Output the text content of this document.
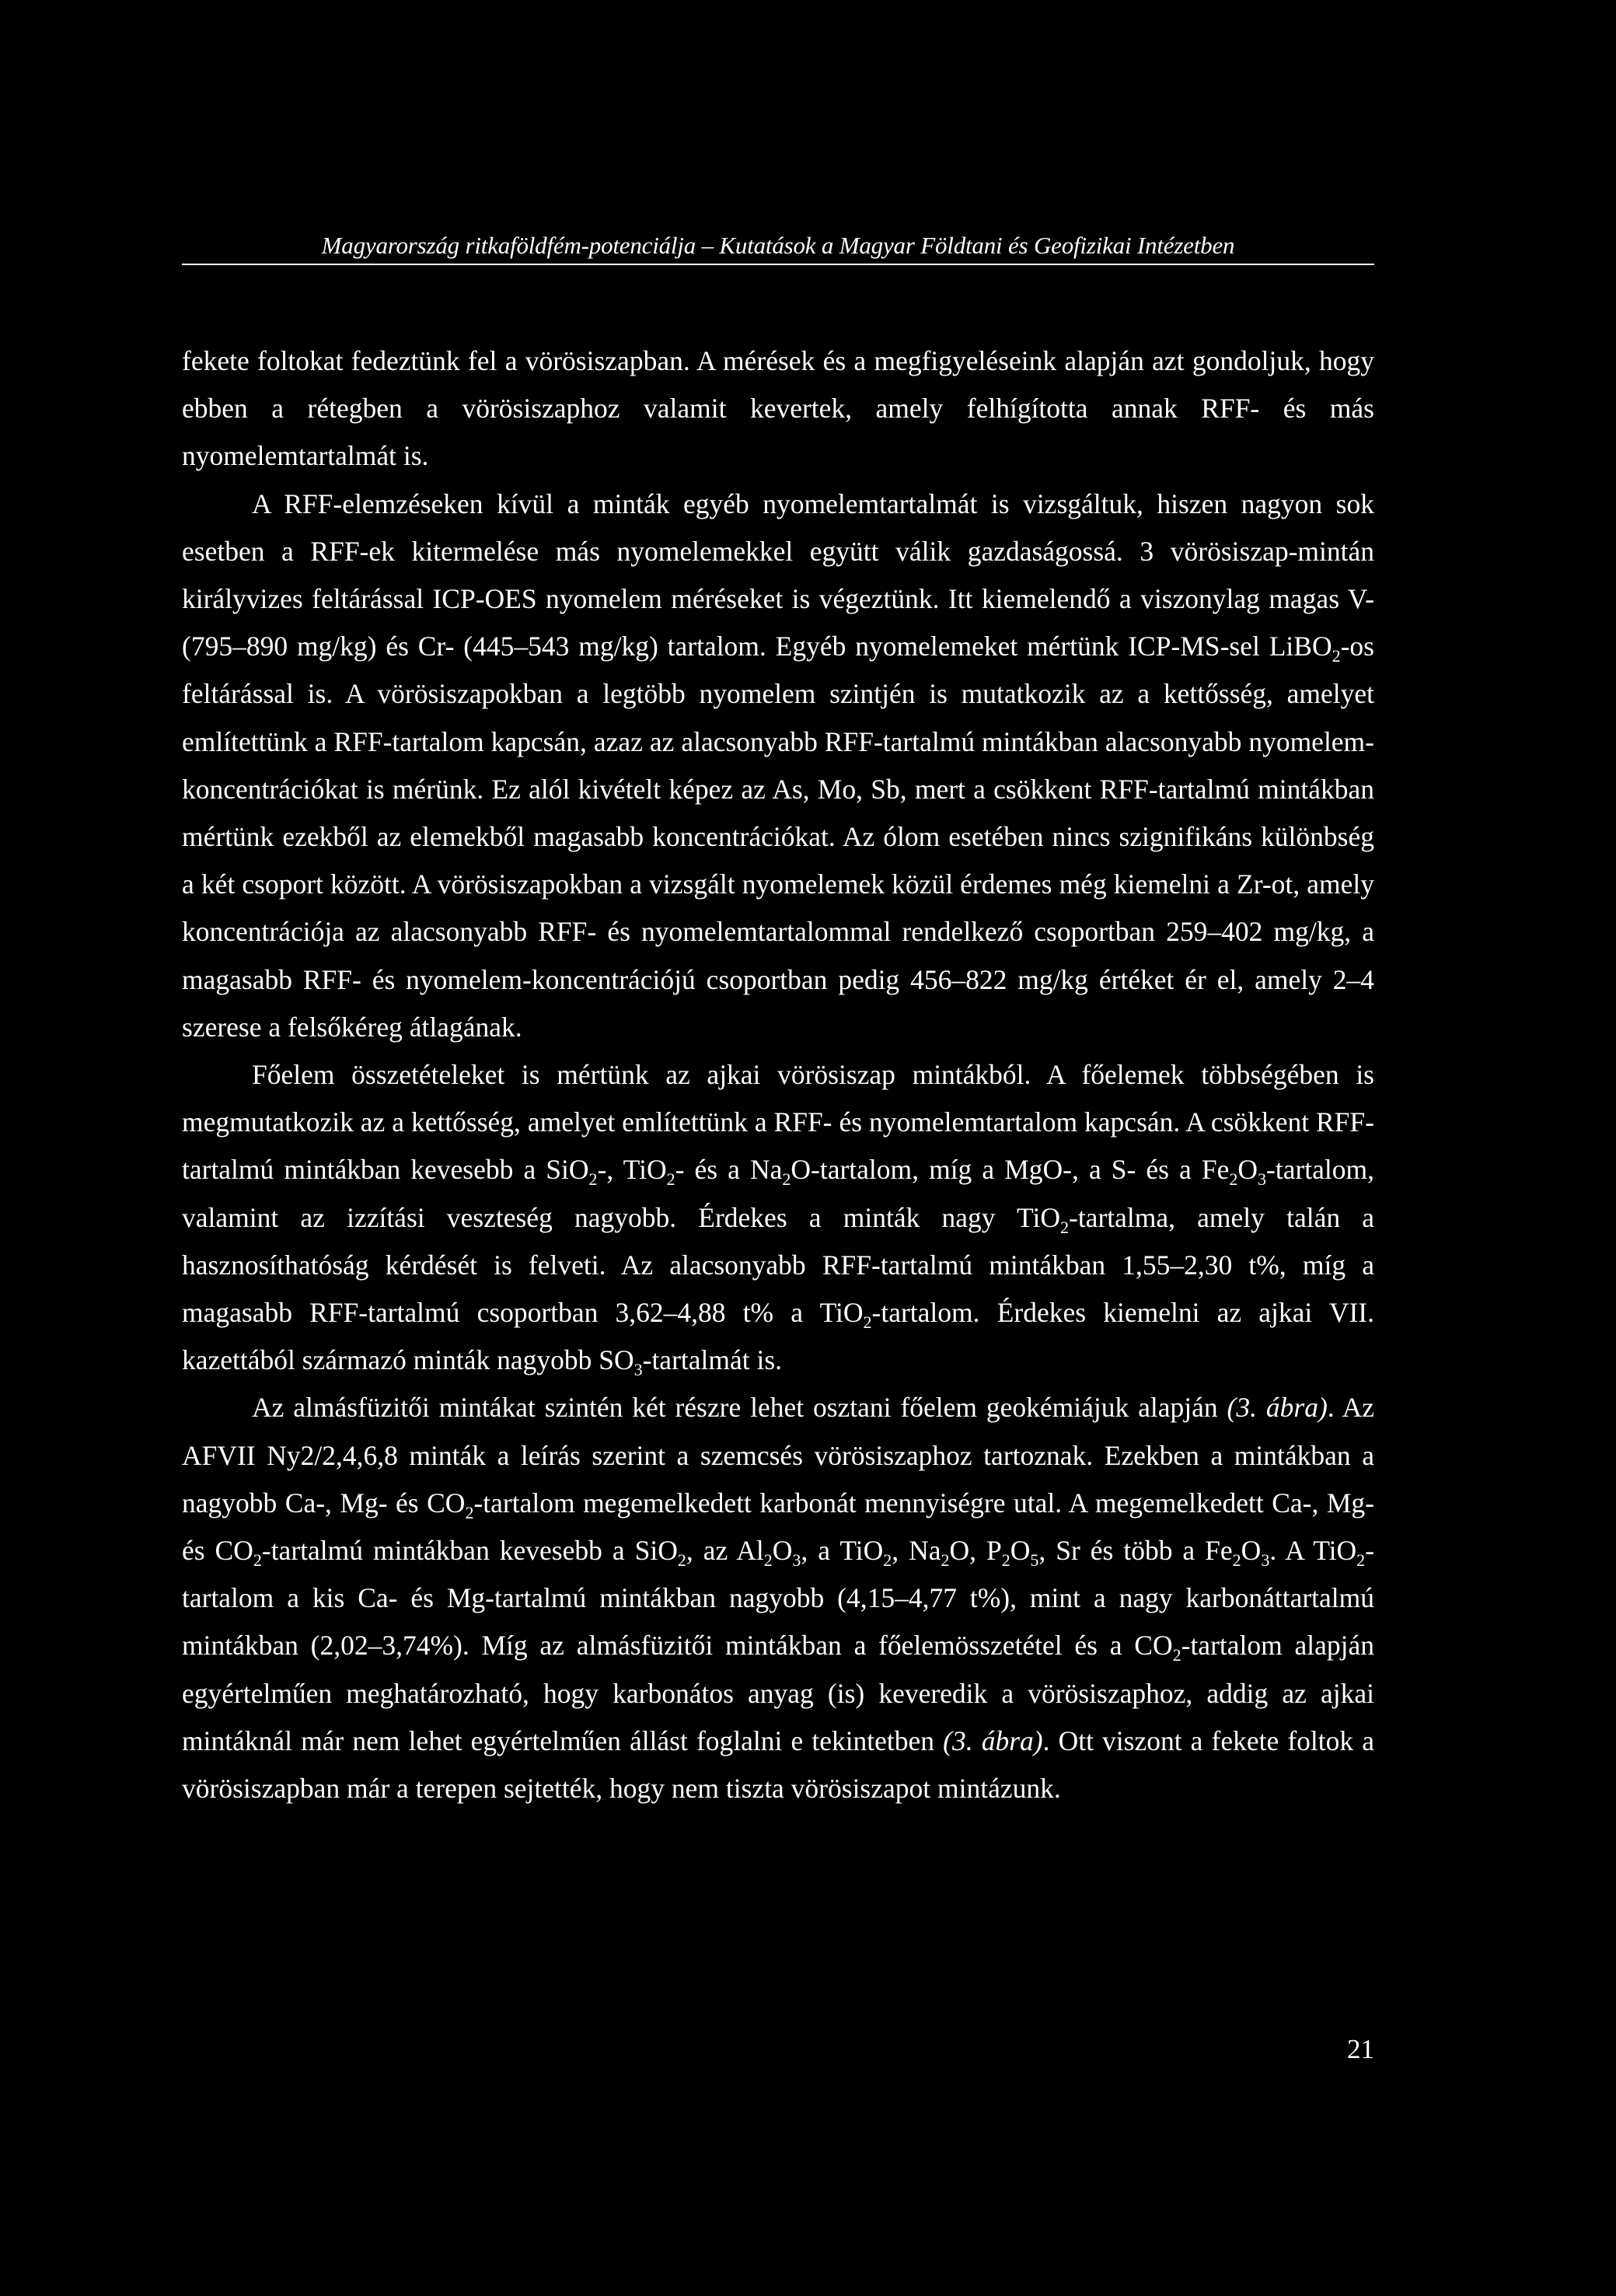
Magyarország ritkaföldfém-potenciálja – Kutatások a Magyar Földtani és Geofizikai Intézetben

fekete foltokat fedeztünk fel a vörösiszapban. A mérések és a megfigyeléseink alapján azt gondoljuk, hogy ebben a rétegben a vörösiszaphoz valamit kevertek, amely felhígította annak RFF- és más nyomelemtartalmát is.

A RFF-elemzéseken kívül a minták egyéb nyomelemtartalmát is vizsgáltuk, hiszen nagyon sok esetben a RFF-ek kitermelése más nyomelemekkel együtt válik gazdaságossá. 3 vörösiszap-mintán királyvizes feltárással ICP-OES nyomelem méréseket is végeztünk. Itt kiemelendő a viszonylag magas V- (795–890 mg/kg) és Cr- (445–543 mg/kg) tartalom. Egyéb nyomelemeket mértünk ICP-MS-sel LiBO$_2$-os feltárással is. A vörösiszapokban a legtöbb nyomelem szintjén is mutatkozik az a kettősség, amelyet említettünk a RFF-tartalom kapcsán, azaz az alacsonyabb RFF-tartalmú mintákban alacsonyabb nyomelem-koncentrációkat is mérünk. Ez alól kivételt képez az As, Mo, Sb, mert a csökkent RFF-tartalmú mintákban mértünk ezekből az elemekből magasabb koncentrációkat. Az ólom esetében nincs szignifikáns különbség a két csoport között. A vörösiszapokban a vizsgált nyomelemek közül érdemes még kiemelni a Zr-ot, amely koncentrációja az alacsonyabb RFF- és nyomelemtartalommal rendelkező csoportban 259–402 mg/kg, a magasabb RFF- és nyomelem-koncentrációjú csoportban pedig 456–822 mg/kg értéket ér el, amely 2–4 szerese a felsőkéreg átlagának.

Főelem összetételeket is mértünk az ajkai vörösiszap mintákból. A főelemek többségében is megmutatkozik az a kettősség, amelyet említettünk a RFF- és nyomelemtartalom kapcsán. A csökkent RFF-tartalmú mintákban kevesebb a SiO$_2$-, TiO$_2$- és a $Na_2O$-tartalom, míg a MgO-, a S- és a $Fe_2O_3$-tartalom, valamint az izzítási veszteség nagyobb. Érdekes a minták nagy TiO$_2$-tartalma, amely talán a hasznosíthatóság kérdését is felveti. Az alacsonyabb RFF-tartalmú mintákban 1,55–2,30 t%, míg a magasabb RFF-tartalmú csoportban 3,62–4,88 t% a TiO$_2$-tartalom. Érdekes kiemelni az ajkai VII. kazettából származó minták nagyobb $SO_3$-tartalmát is.

Az almásfüzitői mintákat szintén két részre lehet osztani főelem geokémiájuk alapján (3. ábra). Az AFVII Ny2/2,4,6,8 minták a leírás szerint a szemcsés vörösiszaphoz tartoznak. Ezekben a mintákban a nagyobb Ca-, Mg- és $CO_2$-tartalom megemelkedett karbonát mennyiségre utal. A megemelkedett Ca-, Mg- és $CO_2$-tartalmú mintákban kevesebb a SiO$_2$, az $Al_2O_3$, a TiO$_2$, $Na_2O$, $P_2O_5$, Sr és több a $Fe_2O_3$. A TiO$_2$-tartalom a kis Ca- és Mg-tartalmú mintákban nagyobb (4,15–4,77 t%), mint a nagy karbonáttartalmú mintákban (2,02–3,74%). Míg az almásfüzitői mintákban a főelemösszetétel és a $CO_2$-tartalom alapján egyértelműen meghatározható, hogy karbonátos anyag (is) keveredik a vörösiszaphoz, addig az ajkai mintáknál már nem lehet egyértelműen állást foglalni e tekintetben (3. ábra). Ott viszont a fekete foltok a vörösiszapban már a terepen sejtették, hogy nem tiszta vörösiszapot mintázunk.

21
